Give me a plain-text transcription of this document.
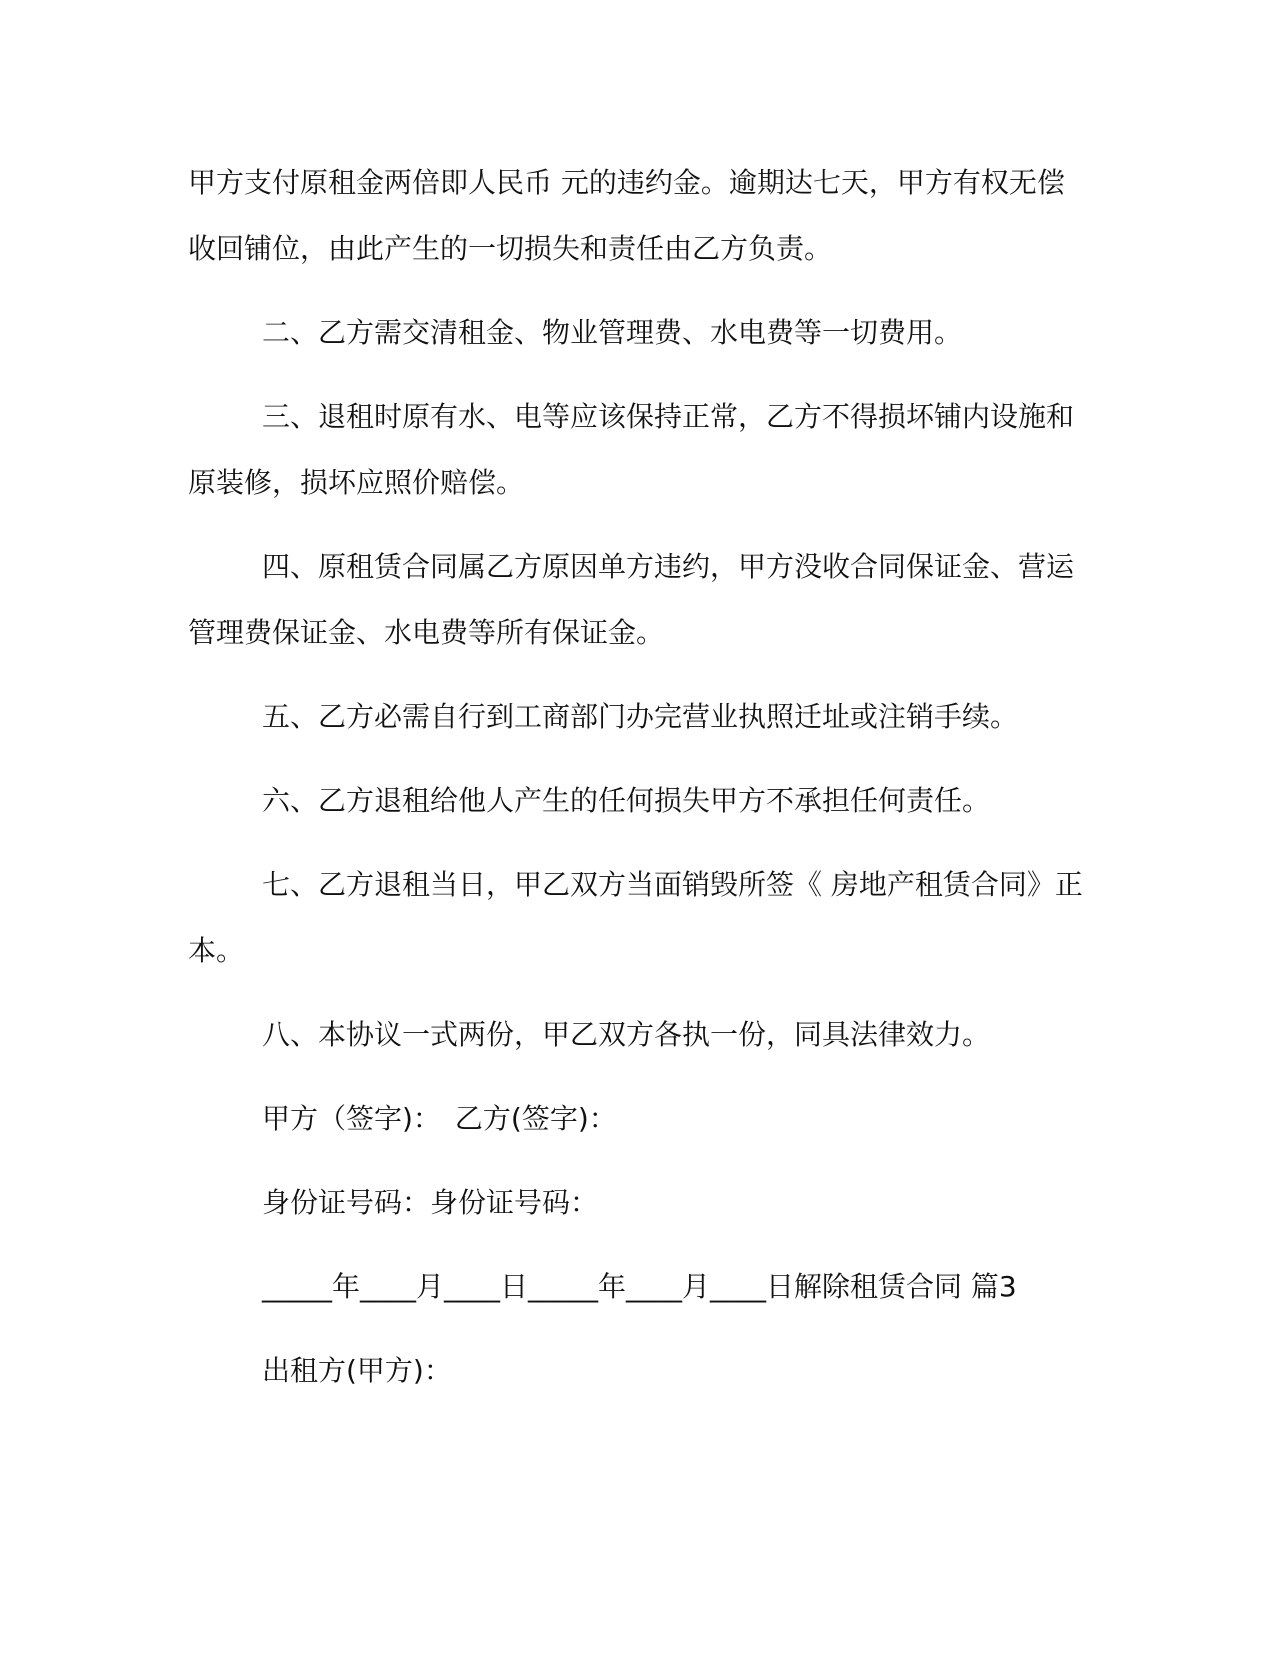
甲方支付原租金两倍即人民币 元的违约金。逾期达七天，甲方有权无偿收回铺位，由此产生的一切损失和责任由乙方负责。

二、乙方需交清租金、物业管理费、水电费等一切费用。

三、退租时原有水、电等应该保持正常，乙方不得损坏铺内设施和原装修，损坏应照价赔偿。

四、原租赁合同属乙方原因单方违约，甲方没收合同保证金、营运管理费保证金、水电费等所有保证金。

五、乙方必需自行到工商部门办完营业执照迁址或注销手续。

六、乙方退租给他人产生的任何损失甲方不承担任何责任。

七、乙方退租当日，甲乙双方当面销毁所签《 房地产租赁合同》正本。

八、本协议一式两份，甲乙双方各执一份，同具法律效力。

甲方（签字)：　乙方(签字)：

身份证号码：身份证号码：

_____年____月____日_____年____月____日解除租赁合同 篇3

出租方(甲方)：
